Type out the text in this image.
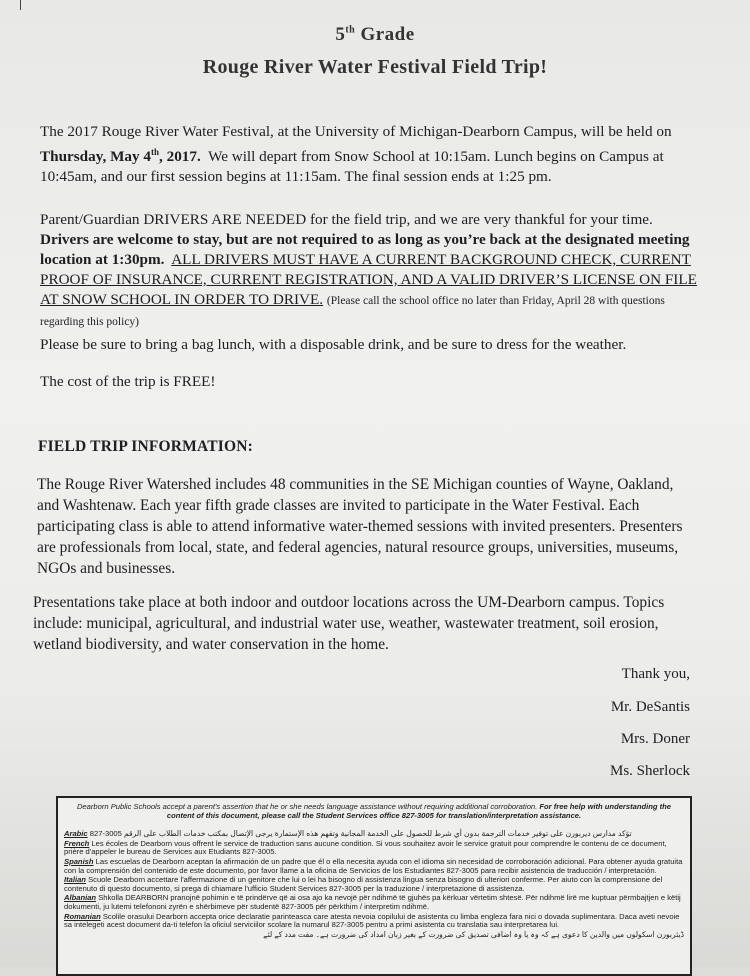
5th Grade
Rouge River Water Festival Field Trip!
The 2017 Rouge River Water Festival, at the University of Michigan-Dearborn Campus, will be held on Thursday, May 4th, 2017. We will depart from Snow School at 10:15am. Lunch begins on Campus at 10:45am, and our first session begins at 11:15am. The final session ends at 1:25 pm.
Parent/Guardian DRIVERS ARE NEEDED for the field trip, and we are very thankful for your time. Drivers are welcome to stay, but are not required to as long as you’re back at the designated meeting location at 1:30pm. ALL DRIVERS MUST HAVE A CURRENT BACKGROUND CHECK, CURRENT PROOF OF INSURANCE, CURRENT REGISTRATION, AND A VALID DRIVER’S LICENSE ON FILE AT SNOW SCHOOL IN ORDER TO DRIVE. (Please call the school office no later than Friday, April 28 with questions regarding this policy)
Please be sure to bring a bag lunch, with a disposable drink, and be sure to dress for the weather.
The cost of the trip is FREE!
FIELD TRIP INFORMATION:
The Rouge River Watershed includes 48 communities in the SE Michigan counties of Wayne, Oakland, and Washtenaw. Each year fifth grade classes are invited to participate in the Water Festival. Each participating class is able to attend informative water-themed sessions with invited presenters. Presenters are professionals from local, state, and federal agencies, natural resource groups, universities, museums, NGOs and businesses.
Presentations take place at both indoor and outdoor locations across the UM-Dearborn campus. Topics include: municipal, agricultural, and industrial water use, weather, wastewater treatment, soil erosion, wetland biodiversity, and water conservation in the home.
Thank you,
Mr. DeSantis
Mrs. Doner
Ms. Sherlock
Dearborn Public Schools accept a parent's assertion that he or she needs language assistance without requiring additional corroboration. For free help with understanding the content of this document, please call the Student Services office 827-3005 for translation/interpretation assistance.
Arabic تؤكد مدارس ديربورن على توفير خدمات الترجمة بدون أي شرط للحصول على الخدمة المجانية وتفهم هذه الإستمارة يرجى الإتصال بمكتب خدمات الطلاب على الرقم 3005-827
French Les écoles de Dearborn vous offrent le service de traduction sans aucune condition. Si vous souhaitez avoir le service gratuit pour comprendre le contenu de ce document, prière d'appeler le bureau de Services aux Etudiants 827-3005.
Spanish Las escuelas de Dearborn aceptan la afirmación de un padre que él o ella necesita ayuda con el idioma sin necesidad de corroboración adicional. Para obtener ayuda gratuita con la comprensión del contenido de este documento, por favor llame a la oficina de Servicios de los Estudiantes 827-3005 para recibir asistencia de traducción / interpretación.
Italian Scuole Dearborn accettare l'affermazione di un genitore che lui o lei ha bisogno di assistenza lingua senza bisogno di ulteriori conferme. Per aiuto con la comprensione del contenuto di questo documento, si prega di chiamare l'ufficio Student Services 827-3005 per la traduzione / interpretazione di assistenza.
Albanian Shkolla DEARBORN pranojnë pohimin e të prindërve që ai osa ajo ka nevojë për ndihmë të gjuhës pa kërkuar vërtetim shtesë. Për ndihmë lirë me kuptuar përmbajtjen e këtij dokumenti, ju lutemi telefononi zyrën e shërbimeve për studentë 827-3005 për përkthim / interpretim ndihmë.
Romanian Scolile orasului Dearborn accepta orice declaratie parinteasca care atesta nevoia copilului de asistenta cu limba engleza fara nici o dovada suplimentara. Daca aveti nevoie sa intelegeti acest document da-ti telefon la oficiul serviciilor scolare la numarul 827-3005 pentru a primi asistenta cu translatia sau interpretarea lui.
ڈیئربورن اسکولوں میں والدین کا دعوی ہے کہ وہ یا وہ اضافی تصدیق کی ضرورت کے بغیر زبان امداد کی ضرورت ہے۔ مفت مدد کے لئے
